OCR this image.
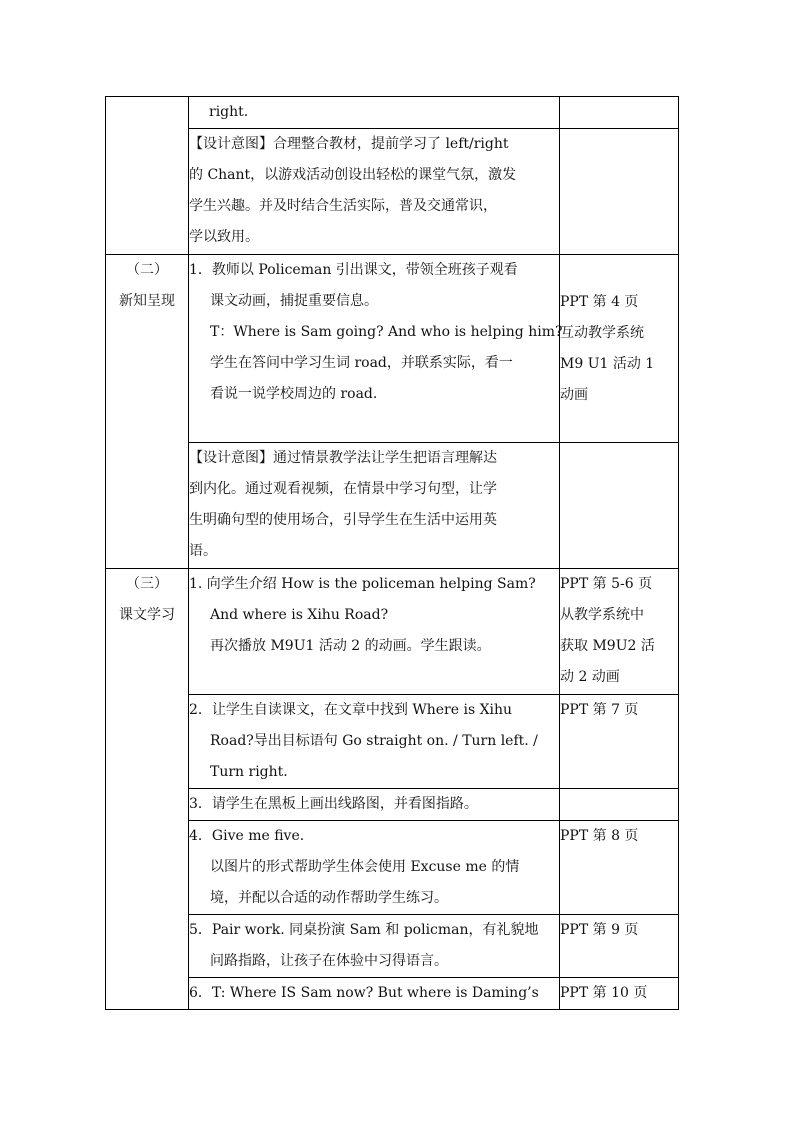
	right.	

	【设计意图】合理整合教材，提前学习了 left/right
的 Chant，以游戏活动创设出轻松的课堂气氛，激发
学生兴趣。并及时结合生活实际，普及交通常识，
学以致用。	

（二）
新知呈现	1．教师以 Policeman 引出课文，带领全班孩子观看
课文动画，捕捉重要信息。
T：Where is Sam going? And who is helping him?
学生在答问中学习生词 road，并联系实际，看一
看说一说学校周边的 road.	PPT 第 4 页
互动教学系统
M9 U1 活动 1
动画

	【设计意图】通过情景教学法让学生把语言理解达
到内化。通过观看视频，在情景中学习句型，让学
生明确句型的使用场合，引导学生在生活中运用英
语。	

（三）
课文学习	1. 向学生介绍 How is the policeman helping Sam?
And where is Xihu Road?
再次播放 M9U1 活动 2 的动画。学生跟读。	PPT 第 5-6 页
从教学系统中
获取 M9U2 活
动 2 动画

	2．让学生自读课文，在文章中找到 Where is Xihu
Road?导出目标语句 Go straight on. / Turn left. /
Turn right.	PPT 第 7 页

	3．请学生在黑板上画出线路图，并看图指路。	

	4．Give me five.
以图片的形式帮助学生体会使用 Excuse me 的情
境，并配以合适的动作帮助学生练习。	PPT 第 8 页

	5．Pair work. 同桌扮演 Sam 和 policman，有礼貌地
问路指路，让孩子在体验中习得语言。	PPT 第 9 页

	6．T: Where IS Sam now? But where is Daming’s	PPT 第 10 页
